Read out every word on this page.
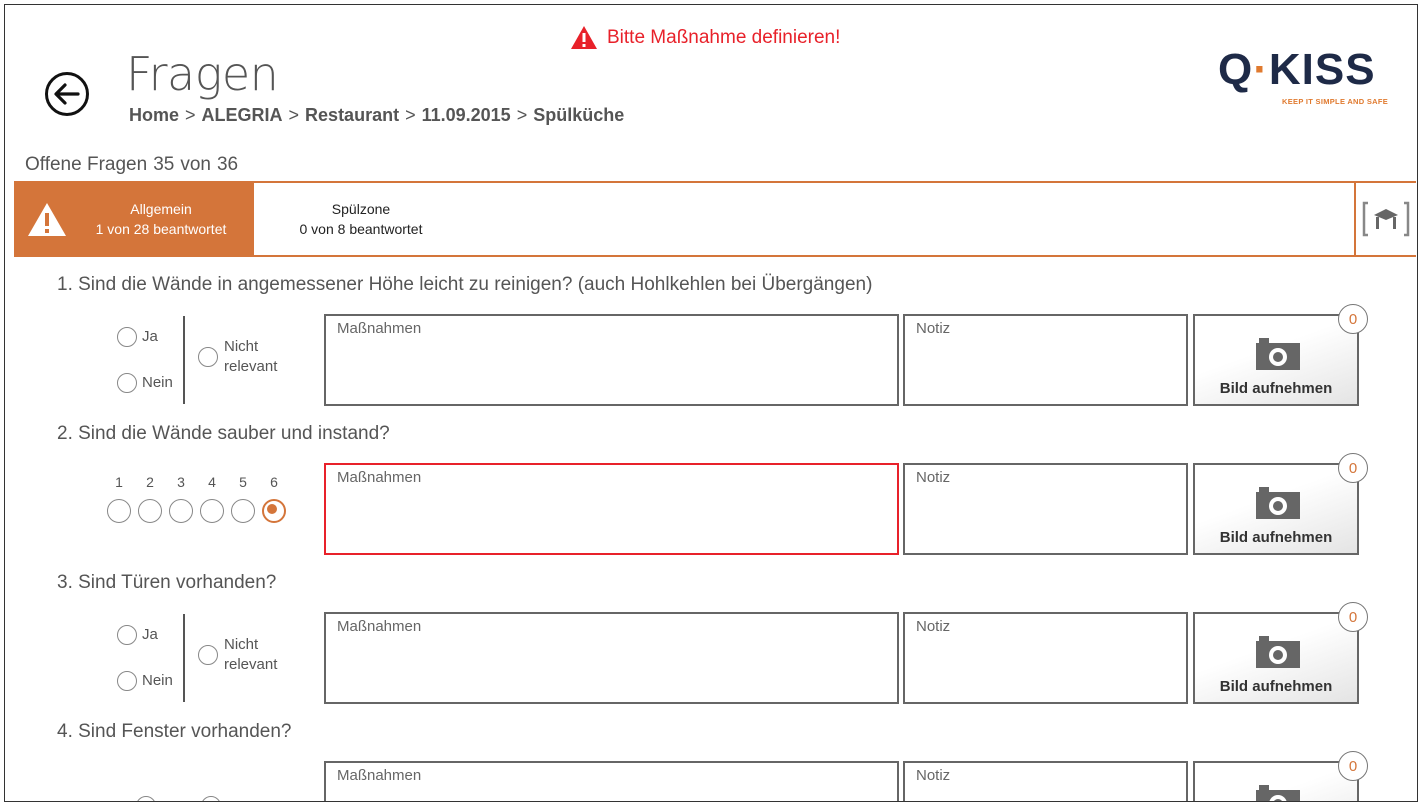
Bitte Maßnahme definieren!
Fragen
Home > ALEGRIA > Restaurant > 11.09.2015 > Spülküche
Q·KISS
KEEP IT SIMPLE AND SAFE
Offene Fragen 35 von 36
Allgemein
1 von 28 beantwortet
Spülzone
0 von 8 beantwortet
1. Sind die Wände in angemessener Höhe leicht zu reinigen? (auch Hohlkehlen bei Übergängen)
Ja
Nein
Nicht
relevant
Maßnahmen	Notiz
Bild aufnehmen
0
2. Sind die Wände sauber und instand?
1	2	3	4	5	6	Maßnahmen	Notiz
Bild aufnehmen
0
3. Sind Türen vorhanden?
Ja
Nein
Nicht
relevant
Maßnahmen	Notiz
Bild aufnehmen
0
4. Sind Fenster vorhanden?
Maßnahmen	Notiz
0
